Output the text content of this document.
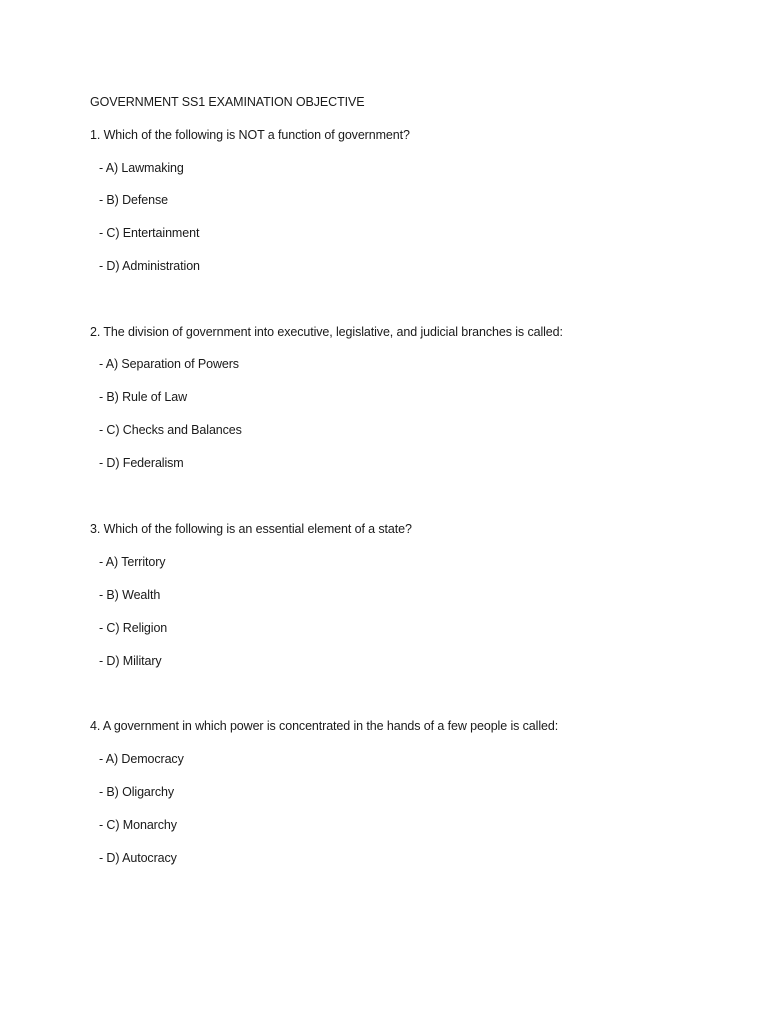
GOVERNMENT SS1 EXAMINATION OBJECTIVE
1. Which of the following is NOT a function of government?
- A) Lawmaking
- B) Defense
- C) Entertainment
- D) Administration
2. The division of government into executive, legislative, and judicial branches is called:
- A) Separation of Powers
- B) Rule of Law
- C) Checks and Balances
- D) Federalism
3. Which of the following is an essential element of a state?
- A) Territory
- B) Wealth
- C) Religion
- D) Military
4. A government in which power is concentrated in the hands of a few people is called:
- A) Democracy
- B) Oligarchy
- C) Monarchy
- D) Autocracy
